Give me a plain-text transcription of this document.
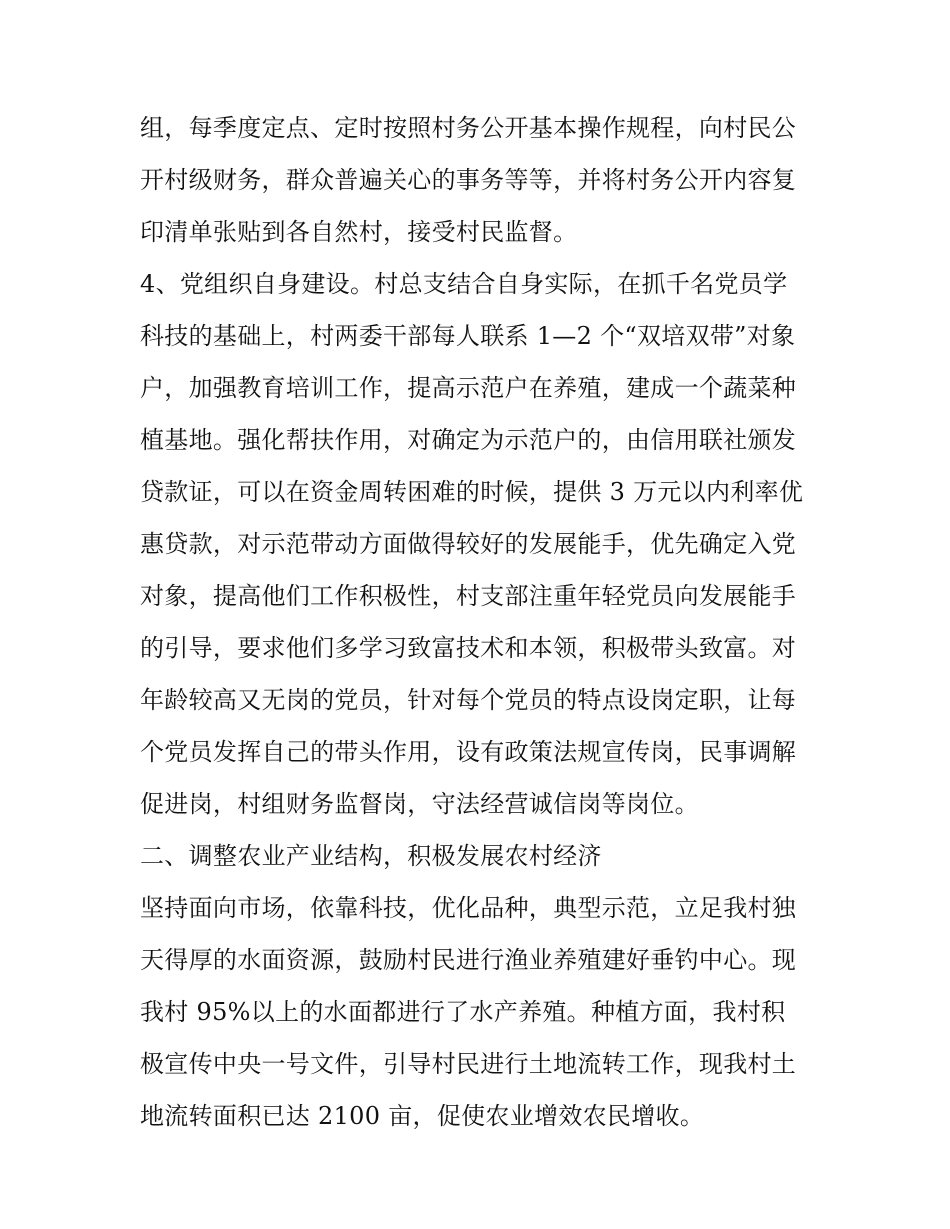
组，每季度定点、定时按照村务公开基本操作规程，向村民公
开村级财务，群众普遍关心的事务等等，并将村务公开内容复
印清单张贴到各自然村，接受村民监督。
4、党组织自身建设。村总支结合自身实际，在抓千名党员学
科技的基础上，村两委干部每人联系 1—2 个“双培双带”对象
户，加强教育培训工作，提高示范户在养殖，建成一个蔬菜种
植基地。强化帮扶作用，对确定为示范户的，由信用联社颁发
贷款证，可以在资金周转困难的时候，提供 3 万元以内利率优
惠贷款，对示范带动方面做得较好的发展能手，优先确定入党
对象，提高他们工作积极性，村支部注重年轻党员向发展能手
的引导，要求他们多学习致富技术和本领，积极带头致富。对
年龄较高又无岗的党员，针对每个党员的特点设岗定职，让每
个党员发挥自己的带头作用，设有政策法规宣传岗，民事调解
促进岗，村组财务监督岗，守法经营诚信岗等岗位。
二、调整农业产业结构，积极发展农村经济
坚持面向市场，依靠科技，优化品种，典型示范，立足我村独
天得厚的水面资源，鼓励村民进行渔业养殖建好垂钓中心。现
我村 95%以上的水面都进行了水产养殖。种植方面，我村积
极宣传中央一号文件，引导村民进行土地流转工作，现我村土
地流转面积已达 2100 亩，促使农业增效农民增收。
